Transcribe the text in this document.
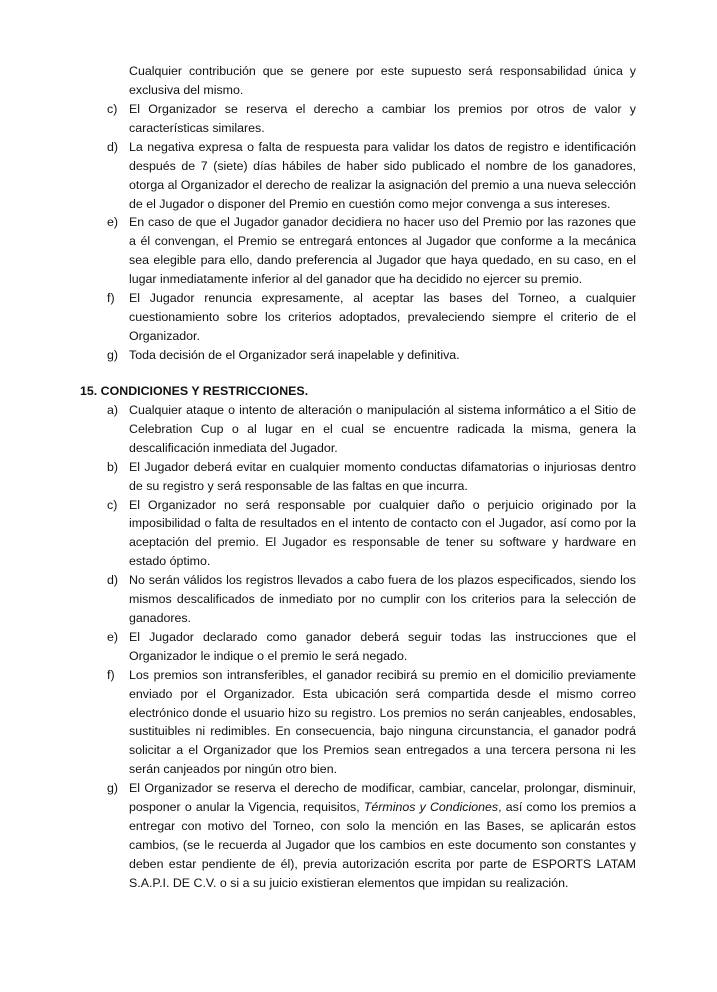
Cualquier contribución que se genere por este supuesto será responsabilidad única y exclusiva del mismo.
c) El Organizador se reserva el derecho a cambiar los premios por otros de valor y características similares.
d) La negativa expresa o falta de respuesta para validar los datos de registro e identificación después de 7 (siete) días hábiles de haber sido publicado el nombre de los ganadores, otorga al Organizador el derecho de realizar la asignación del premio a una nueva selección de el Jugador o disponer del Premio en cuestión como mejor convenga a sus intereses.
e) En caso de que el Jugador ganador decidiera no hacer uso del Premio por las razones que a él convengan, el Premio se entregará entonces al Jugador que conforme a la mecánica sea elegible para ello, dando preferencia al Jugador que haya quedado, en su caso, en el lugar inmediatamente inferior al del ganador que ha decidido no ejercer su premio.
f)	El Jugador renuncia expresamente, al aceptar las bases del Torneo, a cualquier cuestionamiento sobre los criterios adoptados, prevaleciendo siempre el criterio de el Organizador.
g) Toda decisión de el Organizador será inapelable y definitiva.
15. CONDICIONES Y RESTRICCIONES.
a) Cualquier ataque o intento de alteración o manipulación al sistema informático a el Sitio de Celebration Cup o al lugar en el cual se encuentre radicada la misma, genera la descalificación inmediata del Jugador.
b) El Jugador deberá evitar en cualquier momento conductas difamatorias o injuriosas dentro de su registro y será responsable de las faltas en que incurra.
c) El Organizador no será responsable por cualquier daño o perjuicio originado por la imposibilidad o falta de resultados en el intento de contacto con el Jugador, así como por la aceptación del premio. El Jugador es responsable de tener su software y hardware en estado óptimo.
d) No serán válidos los registros llevados a cabo fuera de los plazos especificados, siendo los mismos descalificados de inmediato por no cumplir con los criterios para la selección de ganadores.
e) El Jugador declarado como ganador deberá seguir todas las instrucciones que el Organizador le indique o el premio le será negado.
f)	Los premios son intransferibles, el ganador recibirá su premio en el domicilio previamente enviado por el Organizador. Esta ubicación será compartida desde el mismo correo electrónico donde el usuario hizo su registro. Los premios no serán canjeables, endosables, sustituibles ni redimibles. En consecuencia, bajo ninguna circunstancia, el ganador podrá solicitar a el Organizador que los Premios sean entregados a una tercera persona ni les serán canjeados por ningún otro bien.
g) El Organizador se reserva el derecho de modificar, cambiar, cancelar, prolongar, disminuir, posponer o anular la Vigencia, requisitos, Términos y Condiciones, así como los premios a entregar con motivo del Torneo, con solo la mención en las Bases, se aplicarán estos cambios, (se le recuerda al Jugador que los cambios en este documento son constantes y deben estar pendiente de él), previa autorización escrita por parte de ESPORTS LATAM S.A.P.I. DE C.V. o si a su juicio existieran elementos que impidan su realización.
